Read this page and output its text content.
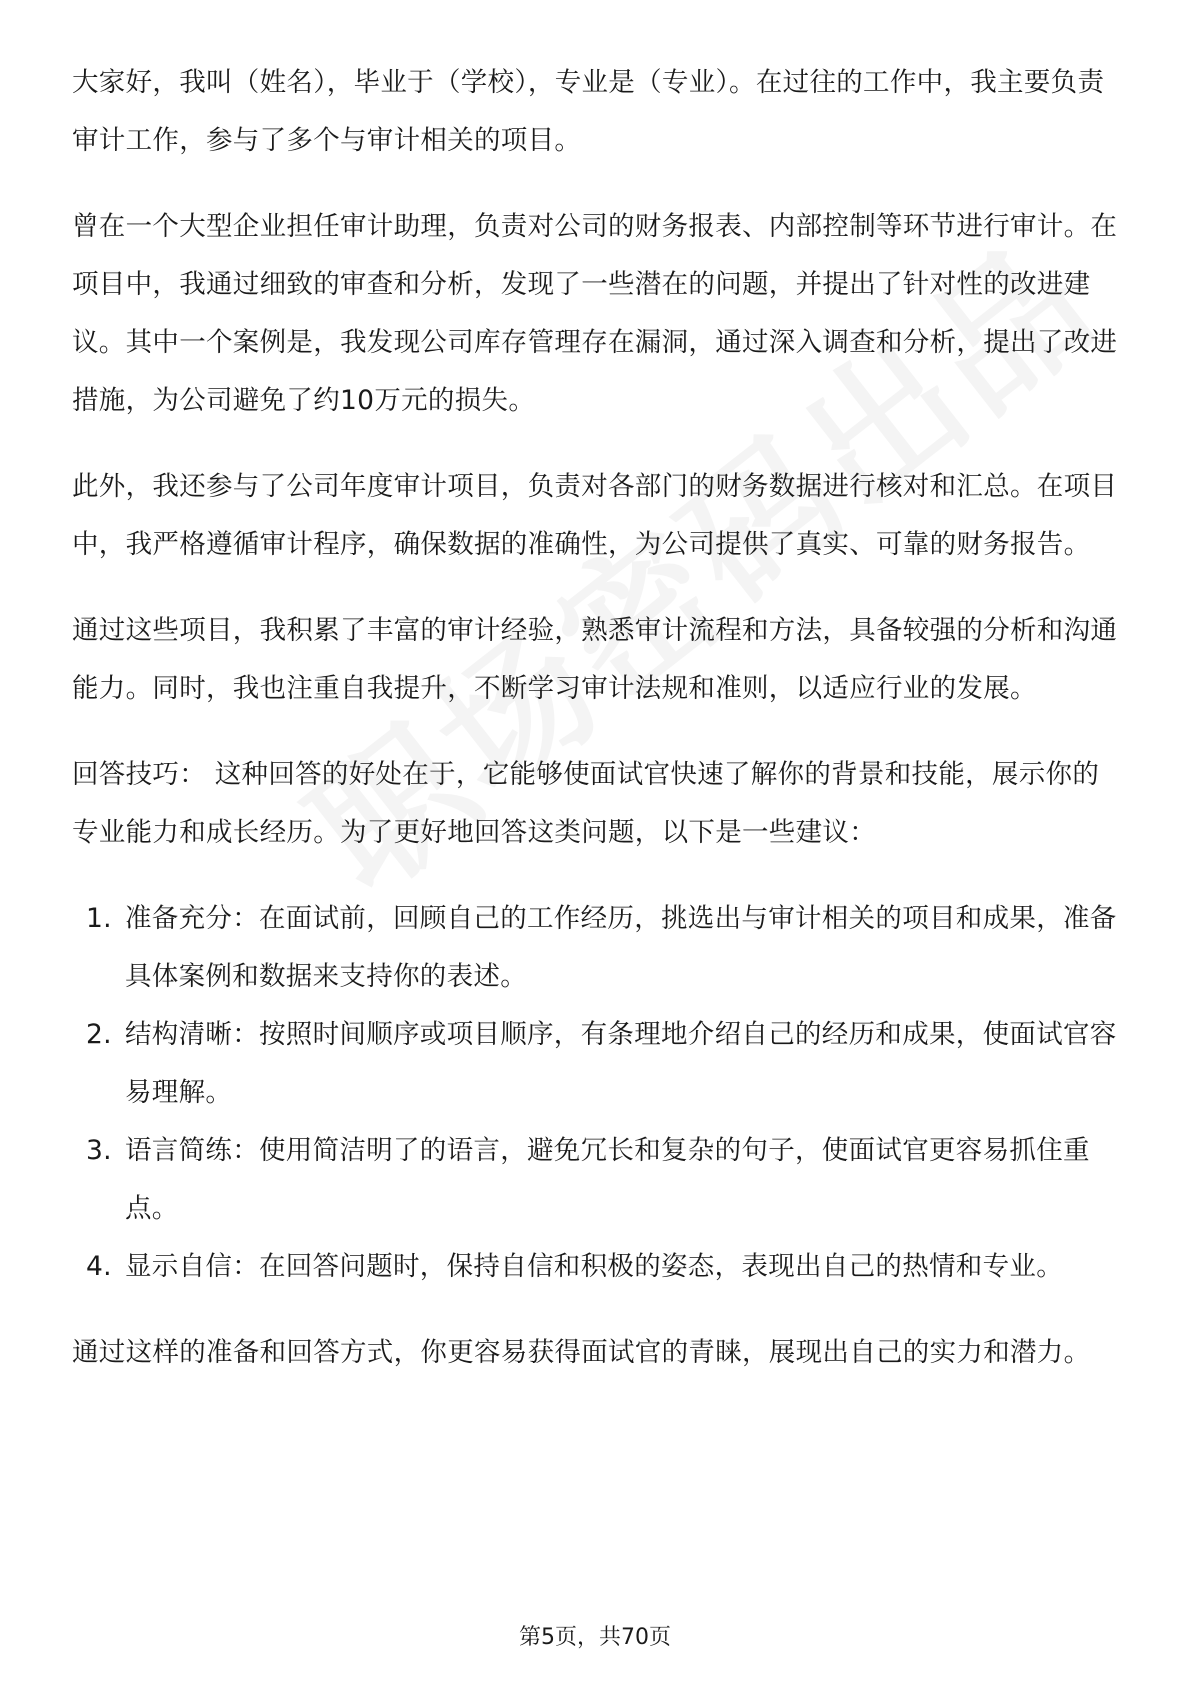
大家好，我叫（姓名），毕业于（学校），专业是（专业）。在过往的工作中，我主要负责审计工作，参与了多个与审计相关的项目。

曾在一个大型企业担任审计助理，负责对公司的财务报表、内部控制等环节进行审计。在项目中，我通过细致的审查和分析，发现了一些潜在的问题，并提出了针对性的改进建议。其中一个案例是，我发现公司库存管理存在漏洞，通过深入调查和分析，提出了改进措施，为公司避免了约10万元的损失。

此外，我还参与了公司年度审计项目，负责对各部门的财务数据进行核对和汇总。在项目中，我严格遵循审计程序，确保数据的准确性，为公司提供了真实、可靠的财务报告。

通过这些项目，我积累了丰富的审计经验，熟悉审计流程和方法，具备较强的分析和沟通能力。同时，我也注重自我提升，不断学习审计法规和准则，以适应行业的发展。

回答技巧： 这种回答的好处在于，它能够使面试官快速了解你的背景和技能，展示你的专业能力和成长经历。为了更好地回答这类问题，以下是一些建议：

1. 准备充分：在面试前，回顾自己的工作经历，挑选出与审计相关的项目和成果，准备具体案例和数据来支持你的表述。
2. 结构清晰：按照时间顺序或项目顺序，有条理地介绍自己的经历和成果，使面试官容易理解。
3. 语言简练：使用简洁明了的语言，避免冗长和复杂的句子，使面试官更容易抓住重点。
4. 显示自信：在回答问题时，保持自信和积极的姿态，表现出自己的热情和专业。

通过这样的准备和回答方式，你更容易获得面试官的青睐，展现出自己的实力和潜力。

第5页，共70页
